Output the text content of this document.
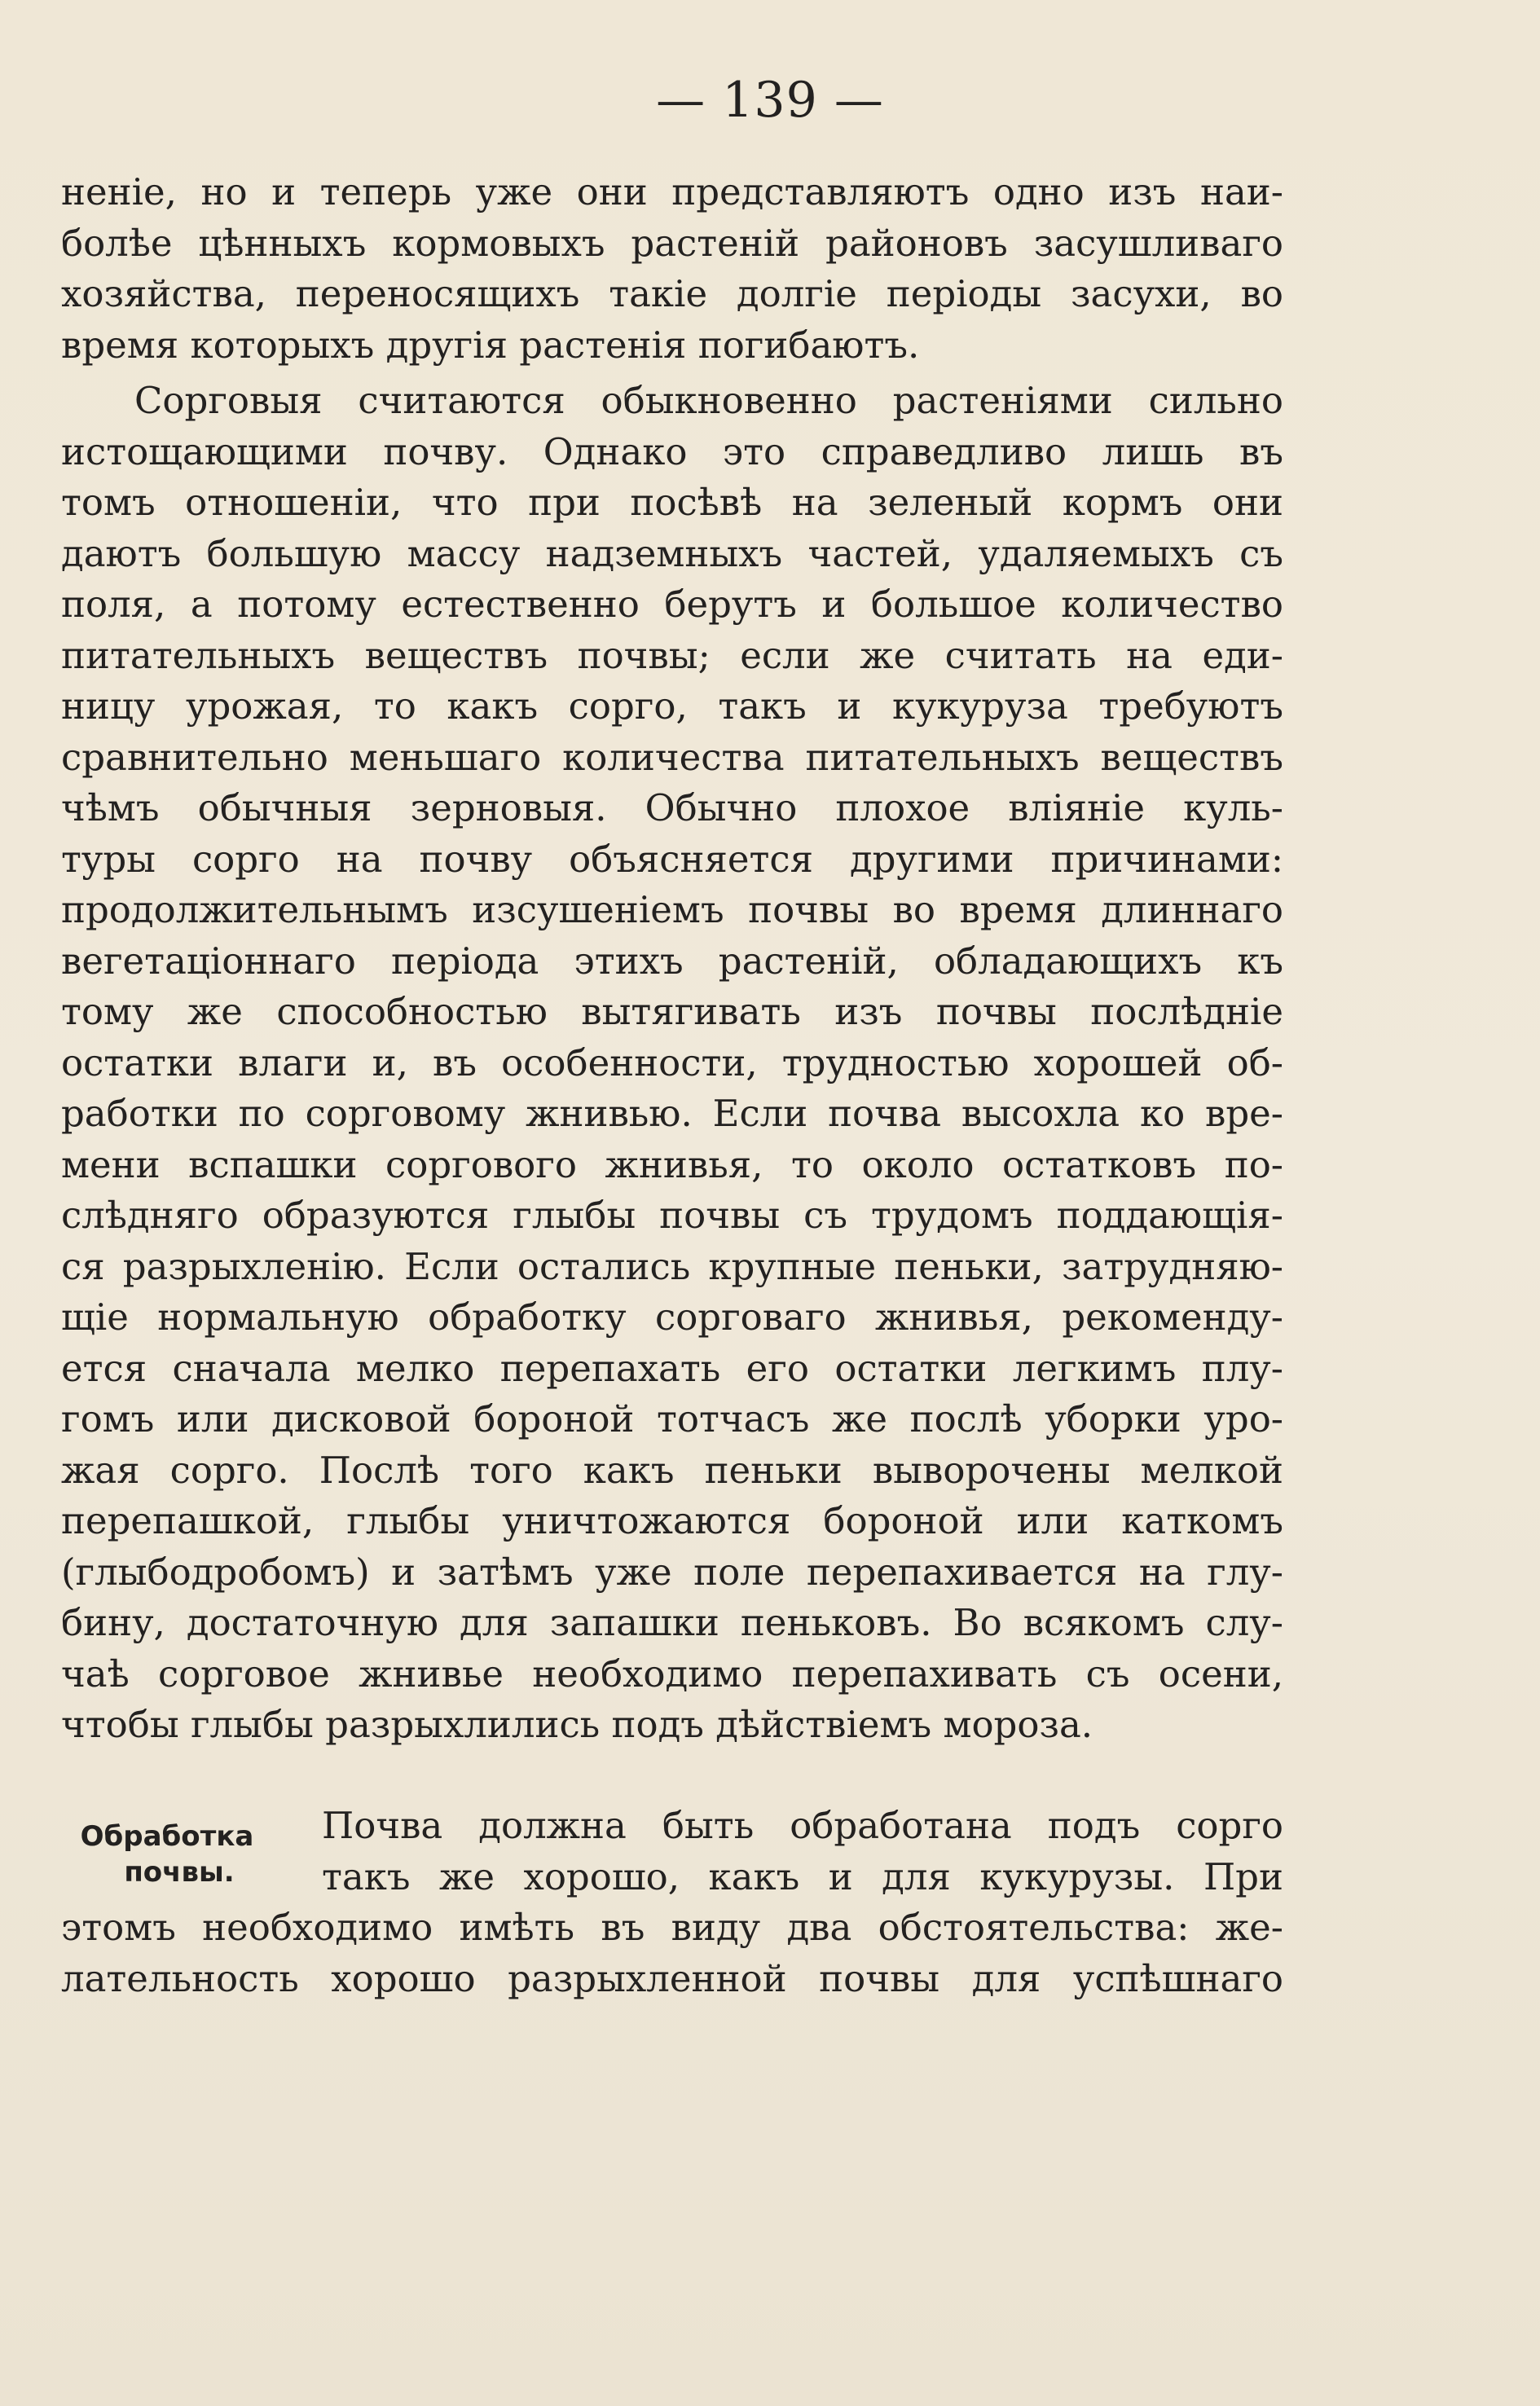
— 139 —
неніе, но и теперь уже они представляютъ одно изъ наи-
болѣе цѣнныхъ кормовыхъ растеній районовъ засушливаго
хозяйства, переносящихъ такіе долгіе періоды засухи, во
время которыхъ другія растенія погибаютъ.
Сорговыя считаются обыкновенно растеніями сильно
истощающими почву. Однако это справедливо лишь въ
томъ отношеніи, что при посѣвѣ на зеленый кормъ они
даютъ большую массу надземныхъ частей, удаляемыхъ съ
поля, а потому естественно берутъ и большое количество
питательныхъ веществъ почвы; если же считать на еди-
ницу урожая, то какъ сорго, такъ и кукуруза требуютъ
сравнительно меньшаго количества питательныхъ веществъ
чѣмъ обычныя зерновыя. Обычно плохое вліяніе куль-
туры сорго на почву объясняется другими причинами:
продолжительнымъ изсушеніемъ почвы во время длиннаго
вегетаціоннаго періода этихъ растеній, обладающихъ къ
тому же способностью вытягивать изъ почвы послѣдніе
остатки влаги и, въ особенности, трудностью хорошей об-
работки по сорговому жнивью. Если почва высохла ко вре-
мени вспашки соргового жнивья, то около остатковъ по-
слѣдняго образуются глыбы почвы съ трудомъ поддающія-
ся разрыхленію. Если остались крупные пеньки, затрудняю-
щіе нормальную обработку сорговаго жнивья, рекоменду-
ется сначала мелко перепахать его остатки легкимъ плу-
гомъ или дисковой бороной тотчасъ же послѣ уборки уро-
жая сорго. Послѣ того какъ пеньки выворочены мелкой
перепашкой, глыбы уничтожаются бороной или каткомъ
(глыбодробомъ) и затѣмъ уже поле перепахивается на глу-
бину, достаточную для запашки пеньковъ. Во всякомъ слу-
чаѣ сорговое жнивье необходимо перепахивать съ осени,
чтобы глыбы разрыхлились подъ дѣйствіемъ мороза.
Обработка
почвы.
Почва должна быть обработана подъ сорго
такъ же хорошо, какъ и для кукурузы. При
этомъ необходимо имѣть въ виду два обстоятельства: же-
лательность хорошо разрыхленной почвы для успѣшнаго
